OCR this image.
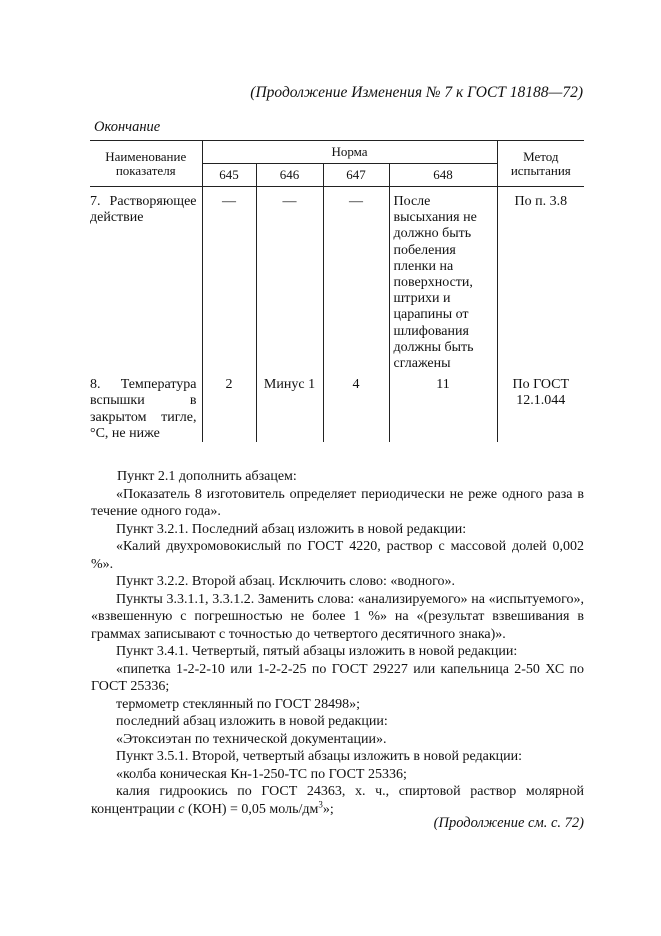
(Продолжение Изменения № 7 к ГОСТ 18188—72)
Окончание
Наименование показателя	Норма				Метод испытания
	645	646	647	648	
7. Растворяющее действие	—	—	—	После высыхания не должно быть побеления пленки на поверхности, штрихи и царапины от шлифования должны быть сглажены	По п. 3.8
8. Температура вспышки в закрытом тигле, °С, не ниже	2	Минус 1	4	11	По ГОСТ 12.1.044

Пункт 2.1 дополнить абзацем:

«Показатель 8 изготовитель определяет периодически не реже одного раза в течение одного года».

Пункт 3.2.1. Последний абзац изложить в новой редакции:

«Калий двухромовокислый по ГОСТ 4220, раствор с массовой долей 0,002 %».

Пункт 3.2.2. Второй абзац. Исключить слово: «водного».

Пункты 3.3.1.1, 3.3.1.2. Заменить слова: «анализируемого» на «испытуемого», «взвешенную с погрешностью не более 1 %» на «(результат взвешивания в граммах записывают с точностью до четвертого десятичного знака)».

Пункт 3.4.1. Четвертый, пятый абзацы изложить в новой редакции:

«пипетка 1-2-2-10 или 1-2-2-25 по ГОСТ 29227 или капельница 2-50 ХС по ГОСТ 25336;

термометр стеклянный по ГОСТ 28498»;

последний абзац изложить в новой редакции:

«Этоксиэтан по технической документации».

Пункт 3.5.1. Второй, четвертый абзацы изложить в новой редакции:

«колба коническая Кн-1-250-ТС по ГОСТ 25336;

калия гидроокись по ГОСТ 24363, х. ч., спиртовой раствор молярной концентрации с (КОН) = 0,05 моль/$дм^3$»;

(Продолжение см. с. 72)
